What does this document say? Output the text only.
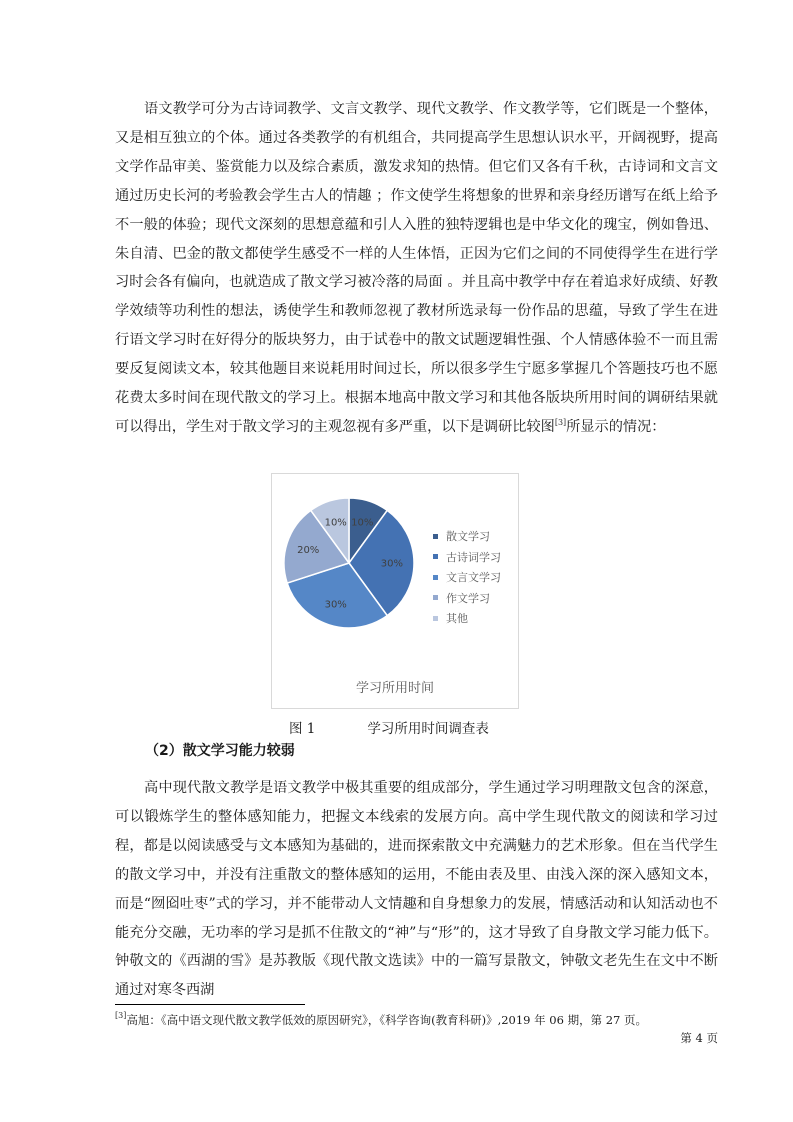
语文教学可分为古诗词教学、文言文教学、现代文教学、作文教学等，它们既是一个整体，又是相互独立的个体。通过各类教学的有机组合，共同提高学生思想认识水平，开阔视野，提高文学作品审美、鉴赏能力以及综合素质，激发求知的热情。但它们又各有千秋，古诗词和文言文通过历史长河的考验教会学生古人的情趣 ；作文使学生将想象的世界和亲身经历谱写在纸上给予不一般的体验；现代文深刻的思想意蕴和引人入胜的独特逻辑也是中华文化的瑰宝，例如鲁迅、朱自清、巴金的散文都使学生感受不一样的人生体悟，正因为它们之间的不同使得学生在进行学习时会各有偏向，也就造成了散文学习被冷落的局面 。并且高中教学中存在着追求好成绩、好教学效绩等功利性的想法，诱使学生和教师忽视了教材所选录每一份作品的思蕴，导致了学生在进行语文学习时在好得分的版块努力，由于试卷中的散文试题逻辑性强、个人情感体验不一而且需要反复阅读文本，较其他题目来说耗用时间过长，所以很多学生宁愿多掌握几个答题技巧也不愿花费太多时间在现代散文的学习上。根据本地高中散文学习和其他各版块所用时间的调研结果就可以得出，学生对于散文学习的主观忽视有多严重，以下是调研比较图[3]所显示的情况：

10%
30%
30%
20%
10%
散文学习
古诗词学习
文言文学习
作文学习
其他
学习所用时间
图 1	学习所用时间调查表
（2）散文学习能力较弱

高中现代散文教学是语文教学中极其重要的组成部分，学生通过学习明理散文包含的深意，可以锻炼学生的整体感知能力，把握文本线索的发展方向。高中学生现代散文的阅读和学习过程，都是以阅读感受与文本感知为基础的，进而探索散文中充满魅力的艺术形象。但在当代学生的散文学习中，并没有注重散文的整体感知的运用，不能由表及里、由浅入深的深入感知文本，而是“囫囵吐枣”式的学习，并不能带动人文情趣和自身想象力的发展，情感活动和认知活动也不能充分交融，无功率的学习是抓不住散文的“神”与“形”的，这才导致了自身散文学习能力低下。钟敬文的《西湖的雪》是苏教版《现代散文选读》中的一篇写景散文，钟敬文老先生在文中不断通过对寒冬西湖

[3]高旭：《高中语文现代散文教学低效的原因研究》，《科学咨询(教育科研)》,2019 年 06 期，第 27 页。
第 4 页
